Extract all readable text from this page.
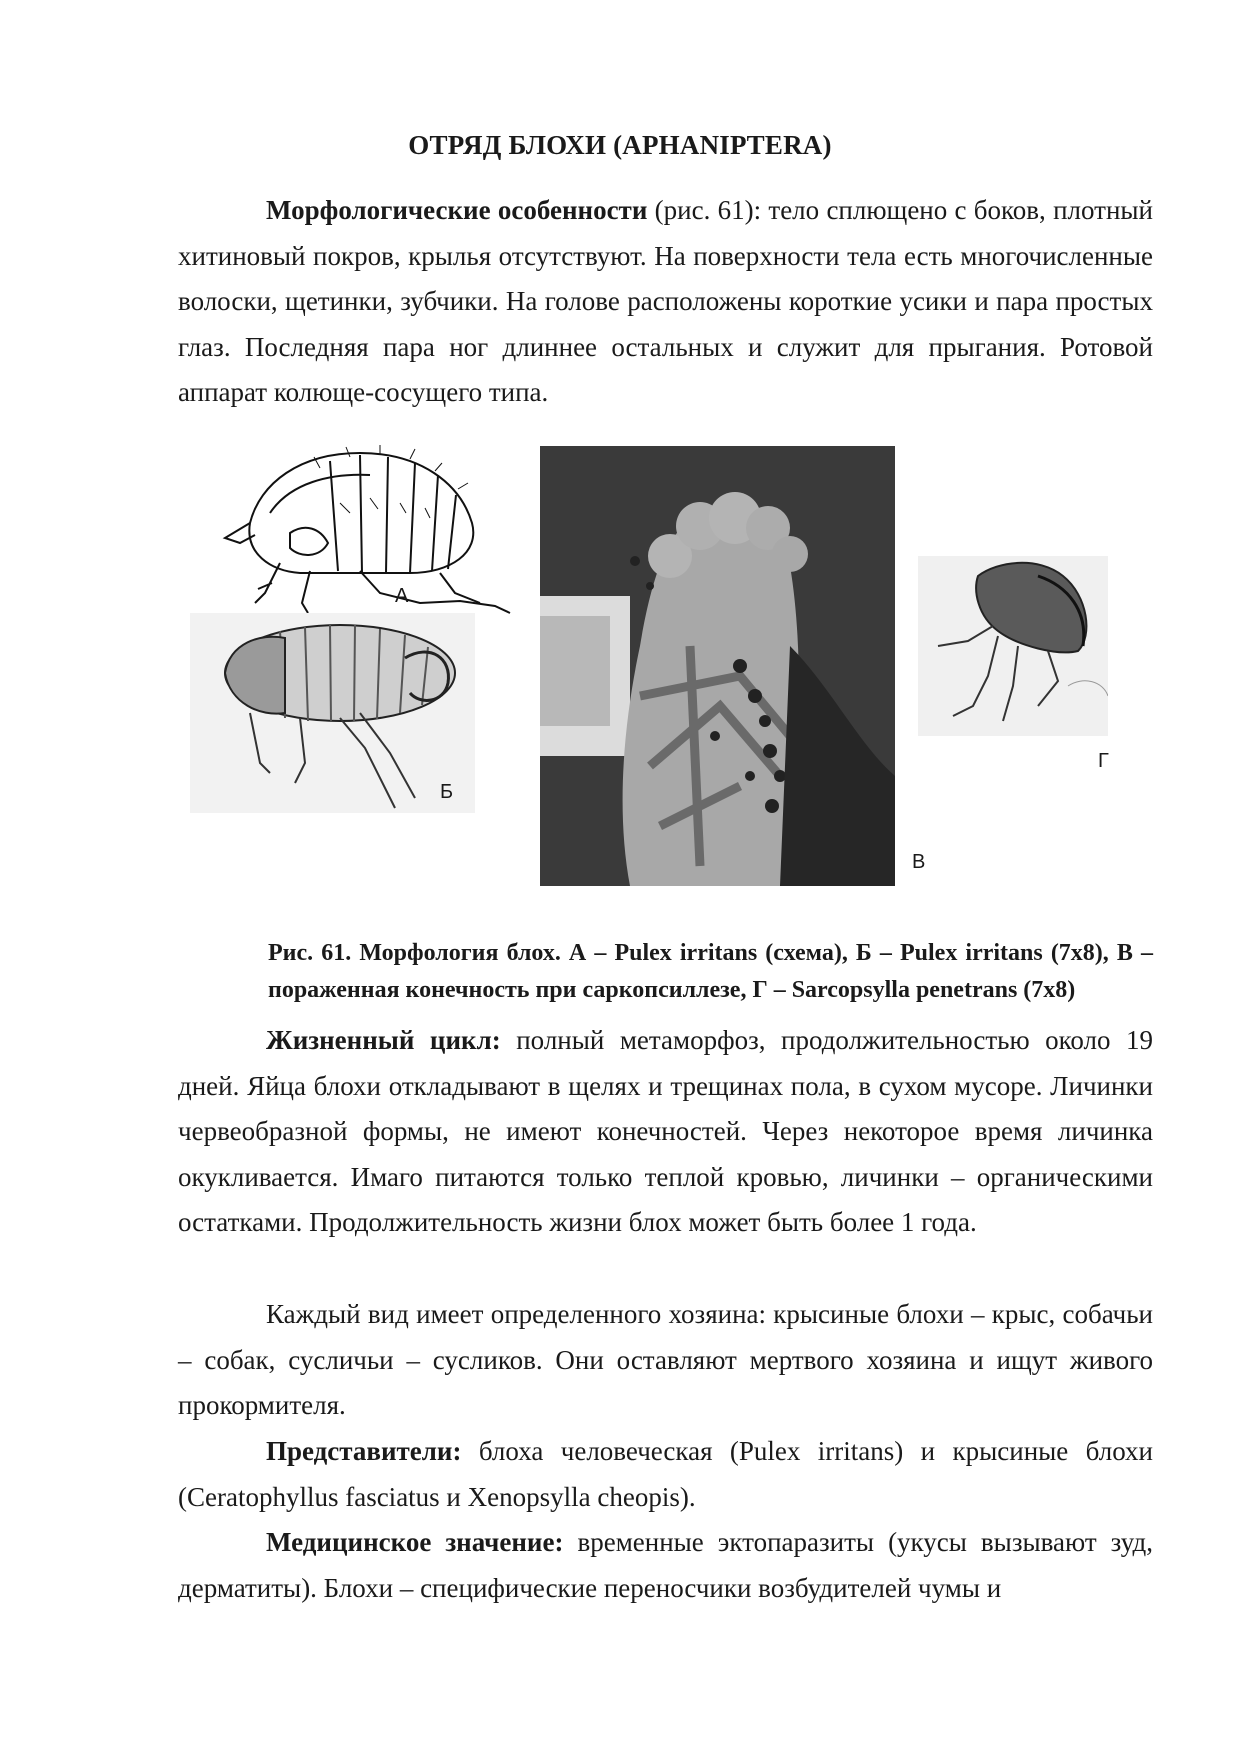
ОТРЯД БЛОХИ (APHANIPTERA)

Морфологические особенности (рис. 61): тело сплющено с боков, плотный хитиновый покров, крылья отсутствуют. На поверхности тела есть многочисленные волоски, щетинки, зубчики. На голове расположены короткие усики и пара простых глаз. Последняя пара ног длиннее остальных и служит для прыгания. Ротовой аппарат колюще-сосущего типа.

А
Б
В
Г

Рис. 61. Морфология блох. А – Pulex irritans (схема), Б – Pulex irritans (7х8), В – пораженная конечность при саркопсиллезе, Г – Sarcopsylla penetrans (7х8)

Жизненный цикл: полный метаморфоз, продолжительностью около 19 дней. Яйца блохи откладывают в щелях и трещинах пола, в сухом мусоре. Личинки червеобразной формы, не имеют конечностей. Через некоторое время личинка окукливается. Имаго питаются только теплой кровью, личинки – органическими остатками. Продолжительность жизни блох может быть более 1 года.

Каждый вид имеет определенного хозяина: крысиные блохи – крыс, собачьи – собак, сусличьи – сусликов. Они оставляют мертвого хозяина и ищут живого прокормителя.

Представители: блоха человеческая (Pulex irritans) и крысиные блохи (Ceratophyllus fasciatus и Xenopsylla cheopis).

Медицинское значение: временные эктопаразиты (укусы вызывают зуд, дерматиты). Блохи – специфические переносчики возбудителей чумы и
